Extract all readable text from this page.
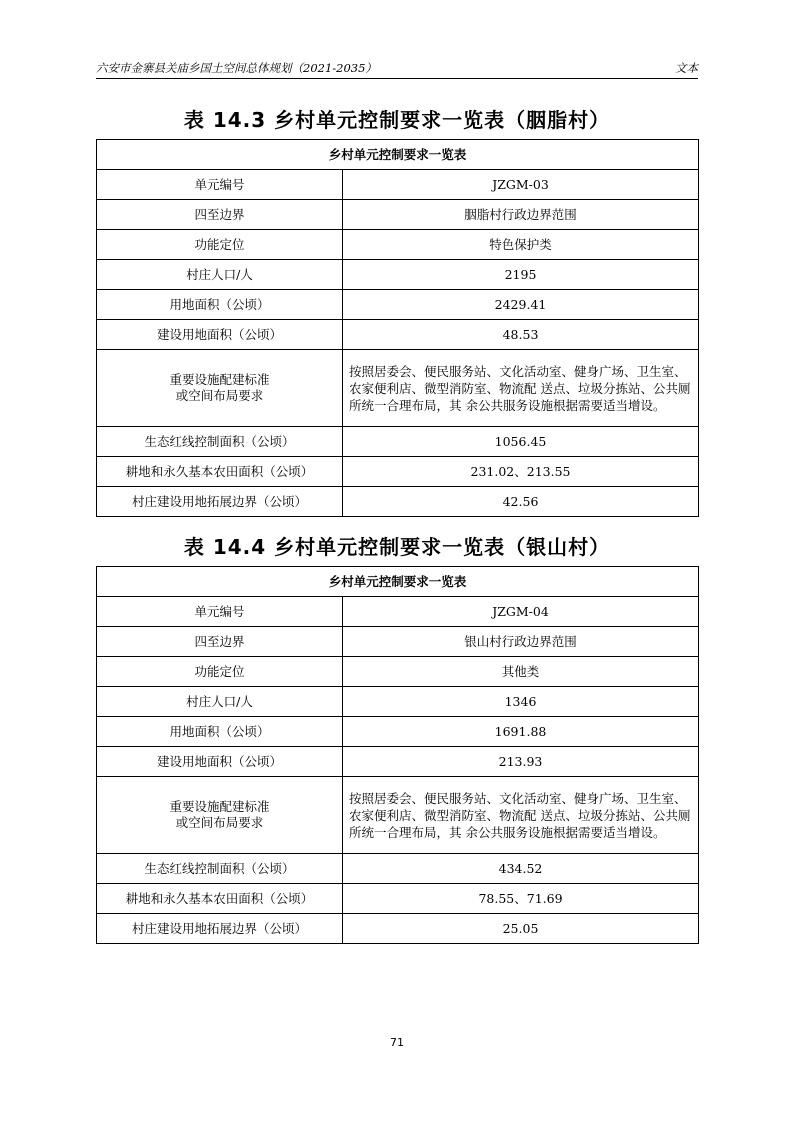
六安市金寨县关庙乡国土空间总体规划（2021-2035）	文本
表 14.3 乡村单元控制要求一览表（胭脂村）
乡村单元控制要求一览表	
单元编号	JZGM-03
四至边界	胭脂村行政边界范围
功能定位	特色保护类
村庄人口/人	2195
用地面积（公顷）	2429.41
建设用地面积（公顷）	48.53
重要设施配建标准
或空间布局要求	按照居委会、便民服务站、文化活动室、健身广场、卫生室、农家便利店、微型消防室、物流配 送点、垃圾分拣站、公共厕所统一合理布局，其 余公共服务设施根据需要适当增设。
生态红线控制面积（公顷）	1056.45
耕地和永久基本农田面积（公顷）	231.02、213.55
村庄建设用地拓展边界（公顷）	42.56
表 14.4 乡村单元控制要求一览表（银山村）
乡村单元控制要求一览表	
单元编号	JZGM-04
四至边界	银山村行政边界范围
功能定位	其他类
村庄人口/人	1346
用地面积（公顷）	1691.88
建设用地面积（公顷）	213.93
重要设施配建标准
或空间布局要求	按照居委会、便民服务站、文化活动室、健身广场、卫生室、农家便利店、微型消防室、物流配 送点、垃圾分拣站、公共厕所统一合理布局，其 余公共服务设施根据需要适当增设。
生态红线控制面积（公顷）	434.52
耕地和永久基本农田面积（公顷）	78.55、71.69
村庄建设用地拓展边界（公顷）	25.05
71
